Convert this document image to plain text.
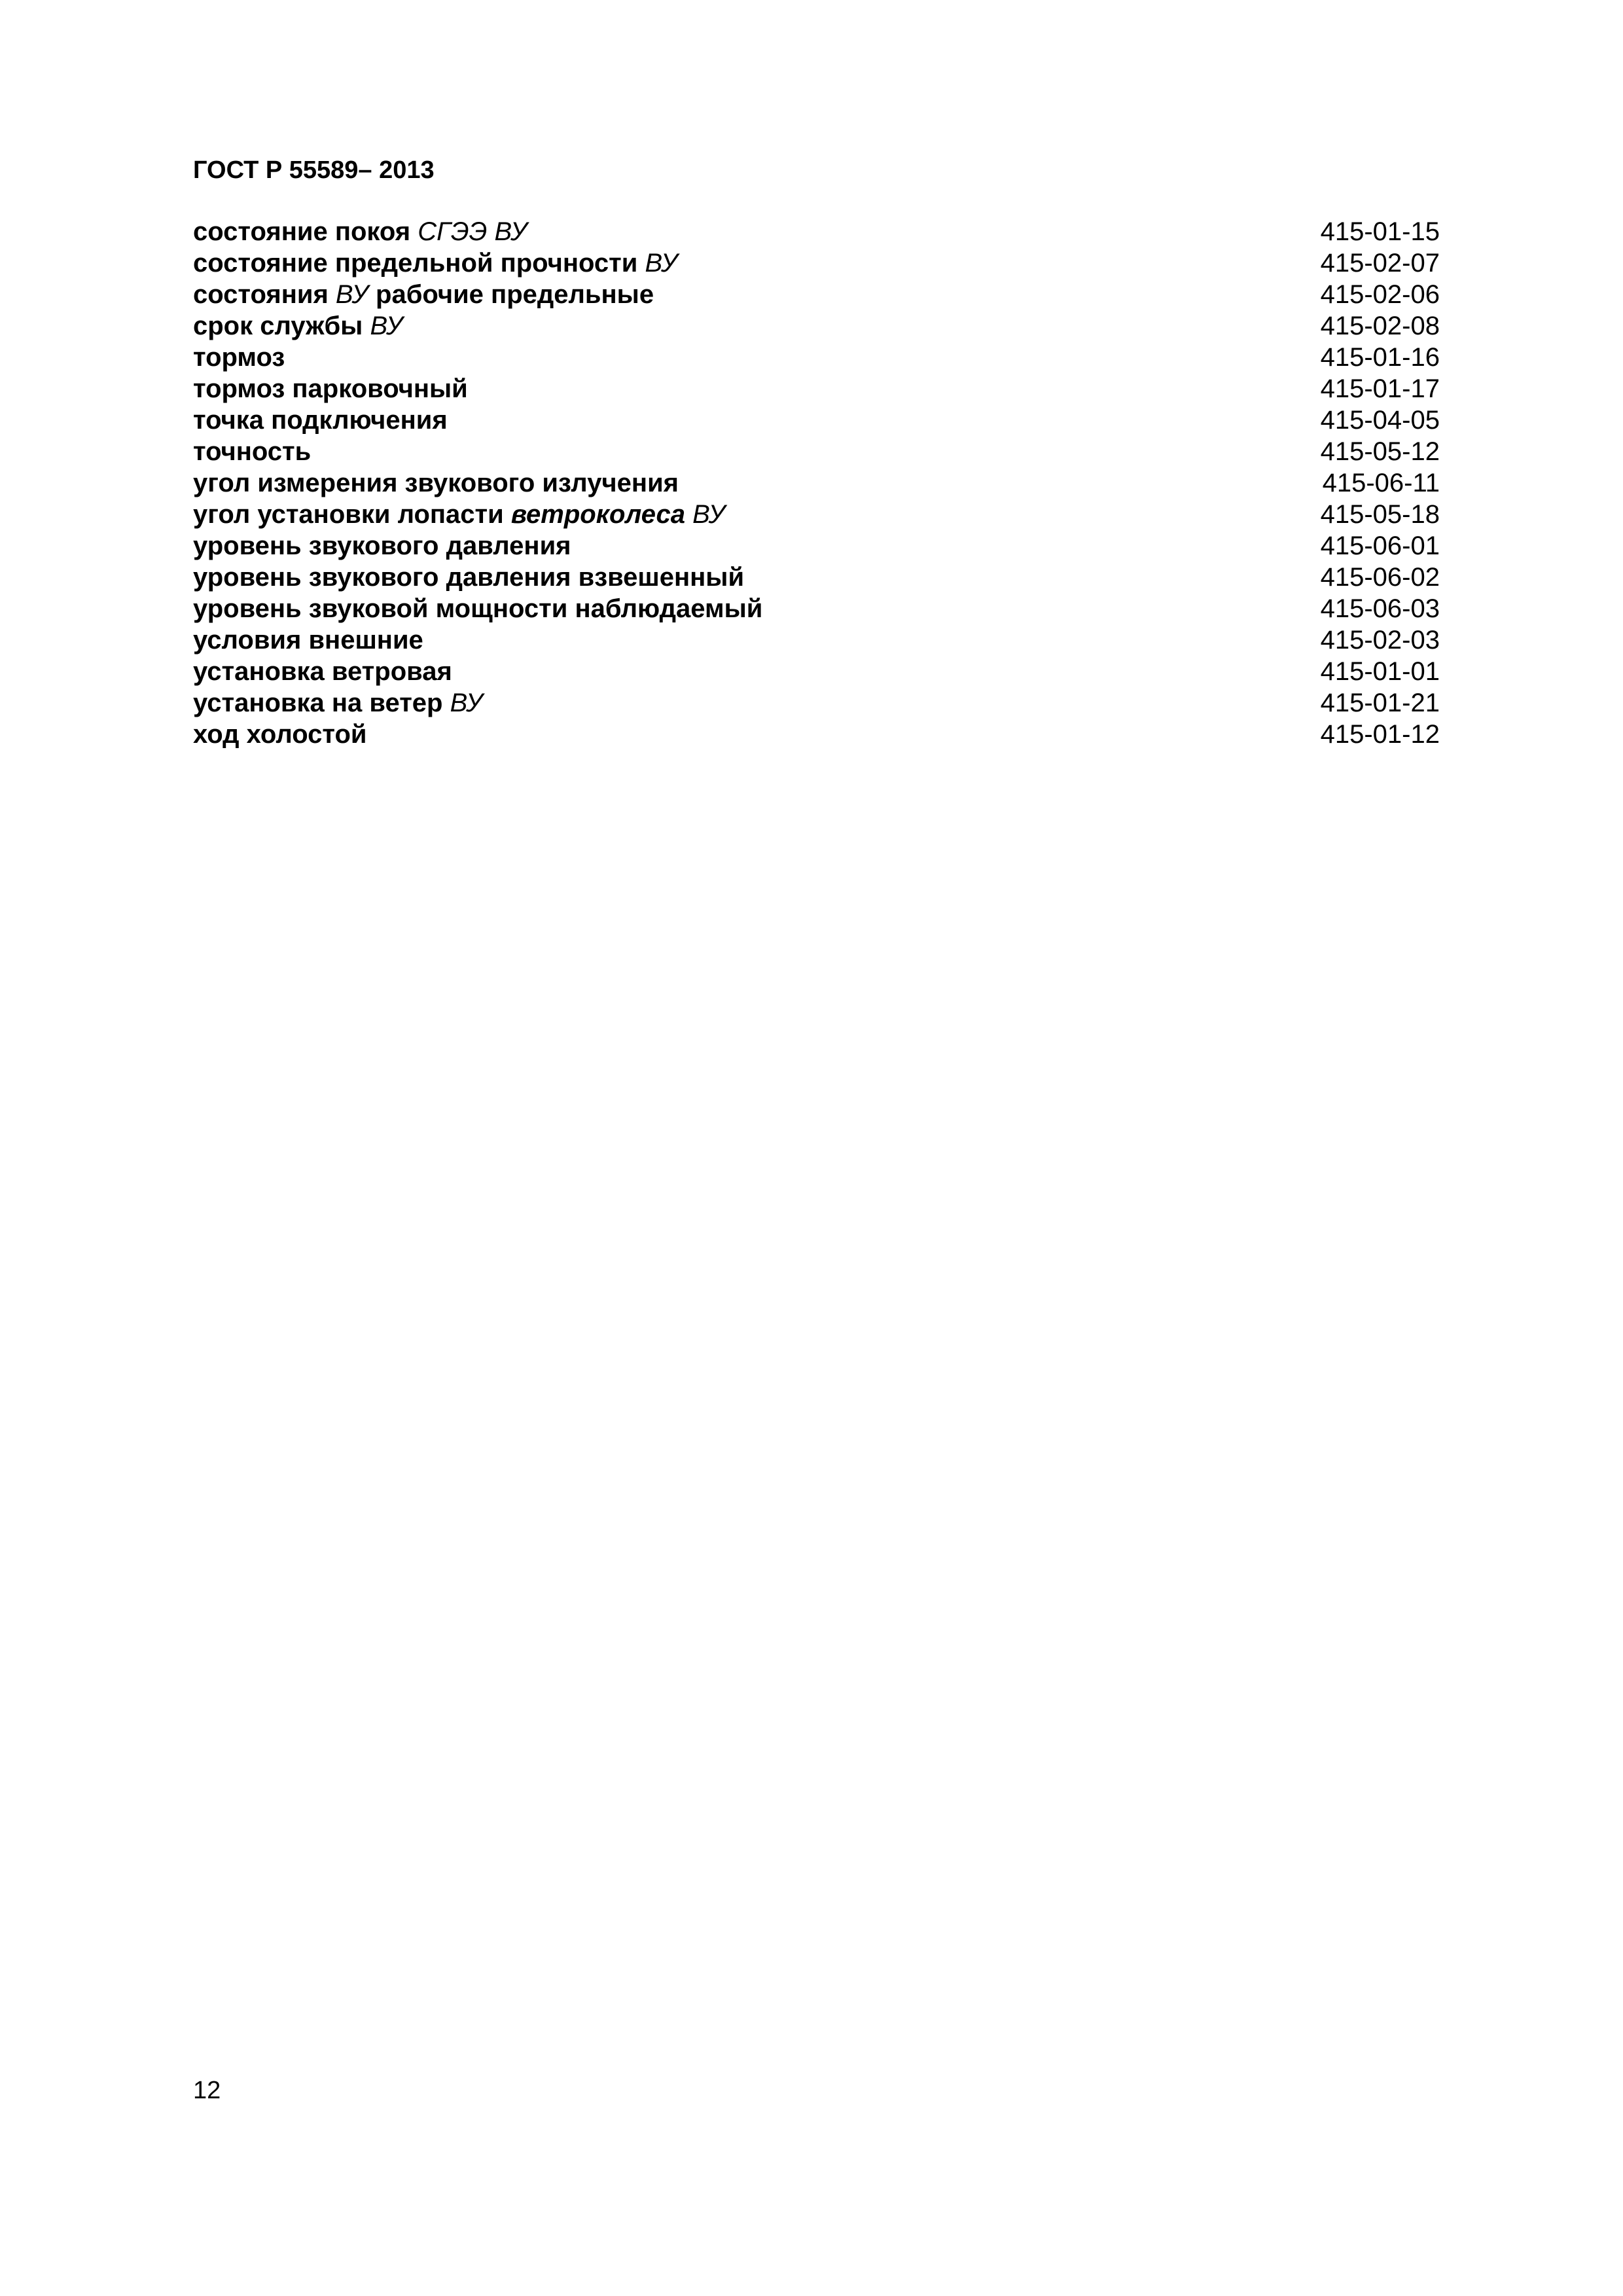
ГОСТ Р 55589– 2013
состояние покоя СГЭЭ ВУ	415-01-15
состояние предельной прочности ВУ	415-02-07
состояния ВУ рабочие предельные	415-02-06
срок службы ВУ	415-02-08
тормоз	415-01-16
тормоз парковочный	415-01-17
точка подключения	415-04-05
точность	415-05-12
угол измерения звукового излучения	415-06-11
угол установки лопасти ветроколеса ВУ	415-05-18
уровень звукового давления	415-06-01
уровень звукового давления взвешенный	415-06-02
уровень звуковой мощности наблюдаемый	415-06-03
условия внешние	415-02-03
установка ветровая	415-01-01
установка на ветер ВУ	415-01-21
ход холостой	415-01-12
12
